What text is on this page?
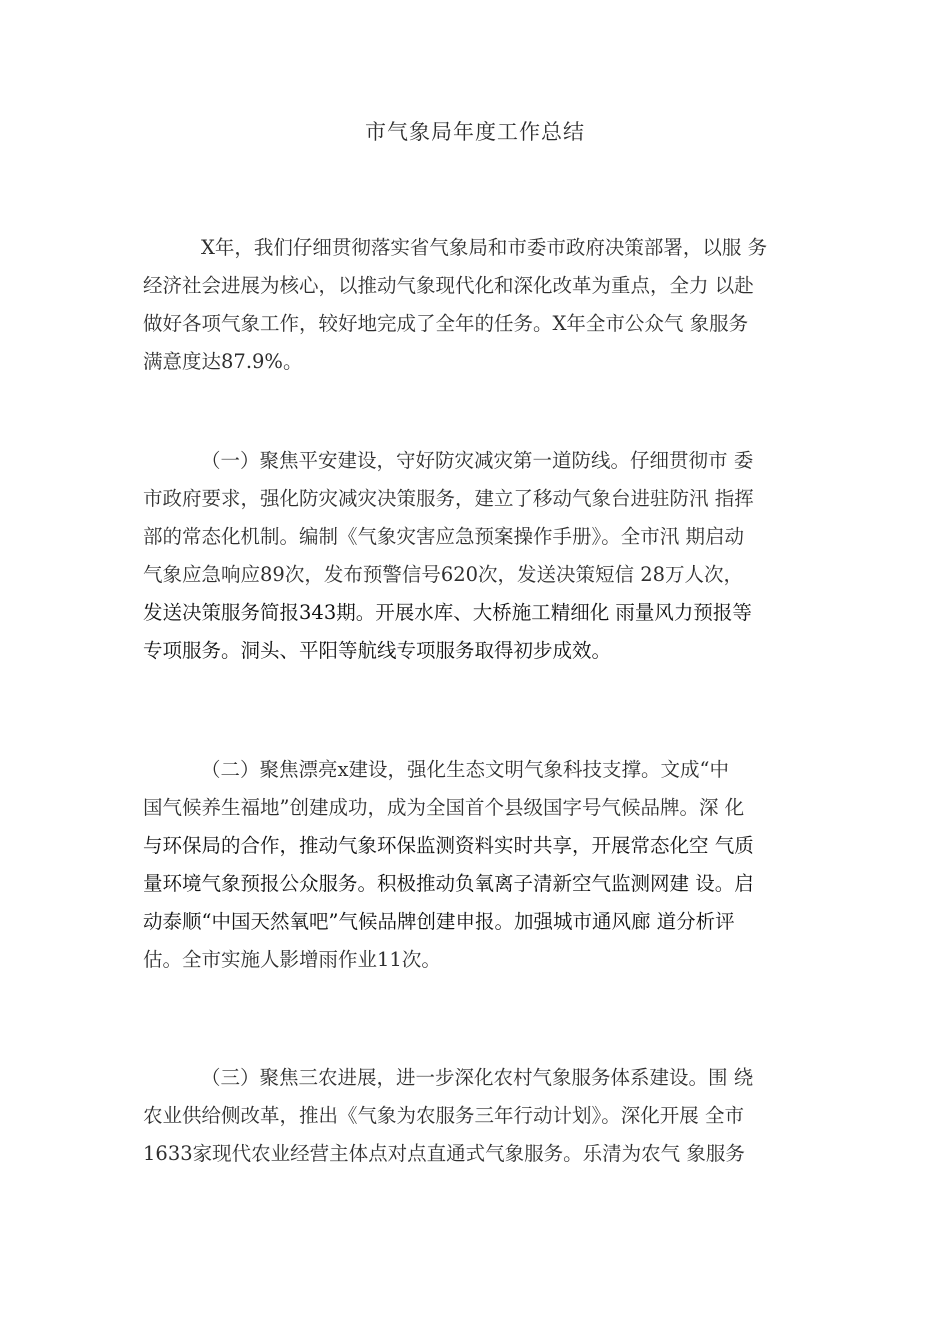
市气象局年度工作总结
X年，我们仔细贯彻落实省气象局和市委市政府决策部署，以服 务
经济社会进展为核心，以推动气象现代化和深化改革为重点，全力 以赴
做好各项气象工作，较好地完成了全年的任务。X年全市公众气 象服务
满意度达87.9%。
（一）聚焦平安建设，守好防灾减灾第一道防线。仔细贯彻市 委
市政府要求，强化防灾减灾决策服务，建立了移动气象台进驻防汛 指挥
部的常态化机制。编制《气象灾害应急预案操作手册》。全市汛 期启动
气象应急响应89次，发布预警信号620次，发送决策短信 28万人次，
发送决策服务简报343期。开展水库、大桥施工精细化 雨量风力预报等
专项服务。洞头、平阳等航线专项服务取得初步成效。
（二）聚焦漂亮x建设，强化生态文明气象科技支撑。文成“中
国气候养生福地”创建成功，成为全国首个县级国字号气候品牌。深 化
与环保局的合作，推动气象环保监测资料实时共享，开展常态化空 气质
量环境气象预报公众服务。积极推动负氧离子清新空气监测网建 设。启
动泰顺“中国天然氧吧”气候品牌创建申报。加强城市通风廊 道分析评
估。全市实施人影增雨作业11次。
（三）聚焦三农进展，进一步深化农村气象服务体系建设。围 绕
农业供给侧改革，推出《气象为农服务三年行动计划》。深化开展 全市
1633家现代农业经营主体点对点直通式气象服务。乐清为农气 象服务
